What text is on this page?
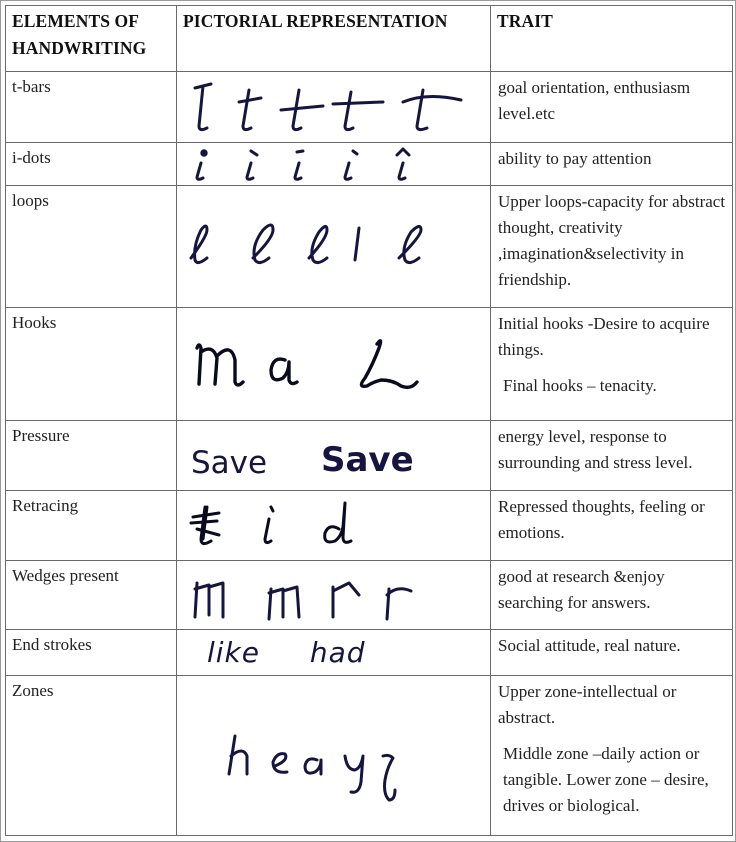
ELEMENTS OF HANDWRITING	PICTORIAL REPRESENTATION	TRAIT
t-bars		goal orientation, enthusiasm level.etc
i-dots		ability to pay attention
loops		Upper loops-capacity for abstract thought, creativity ,imagination&selectivity in friendship.
Hooks		Initial hooks -Desire to acquire things.
Final hooks – tenacity.

Pressure	Save Save	energy level, response to surrounding and stress level.
Retracing		Repressed thoughts, feeling or emotions.
Wedges present		good at research &enjoy searching for answers.
End strokes	like had	Social attitude, real nature.
Zones		Upper zone-intellectual or abstract.
Middle zone –daily action or tangible. Lower zone – desire, drives or biological.
